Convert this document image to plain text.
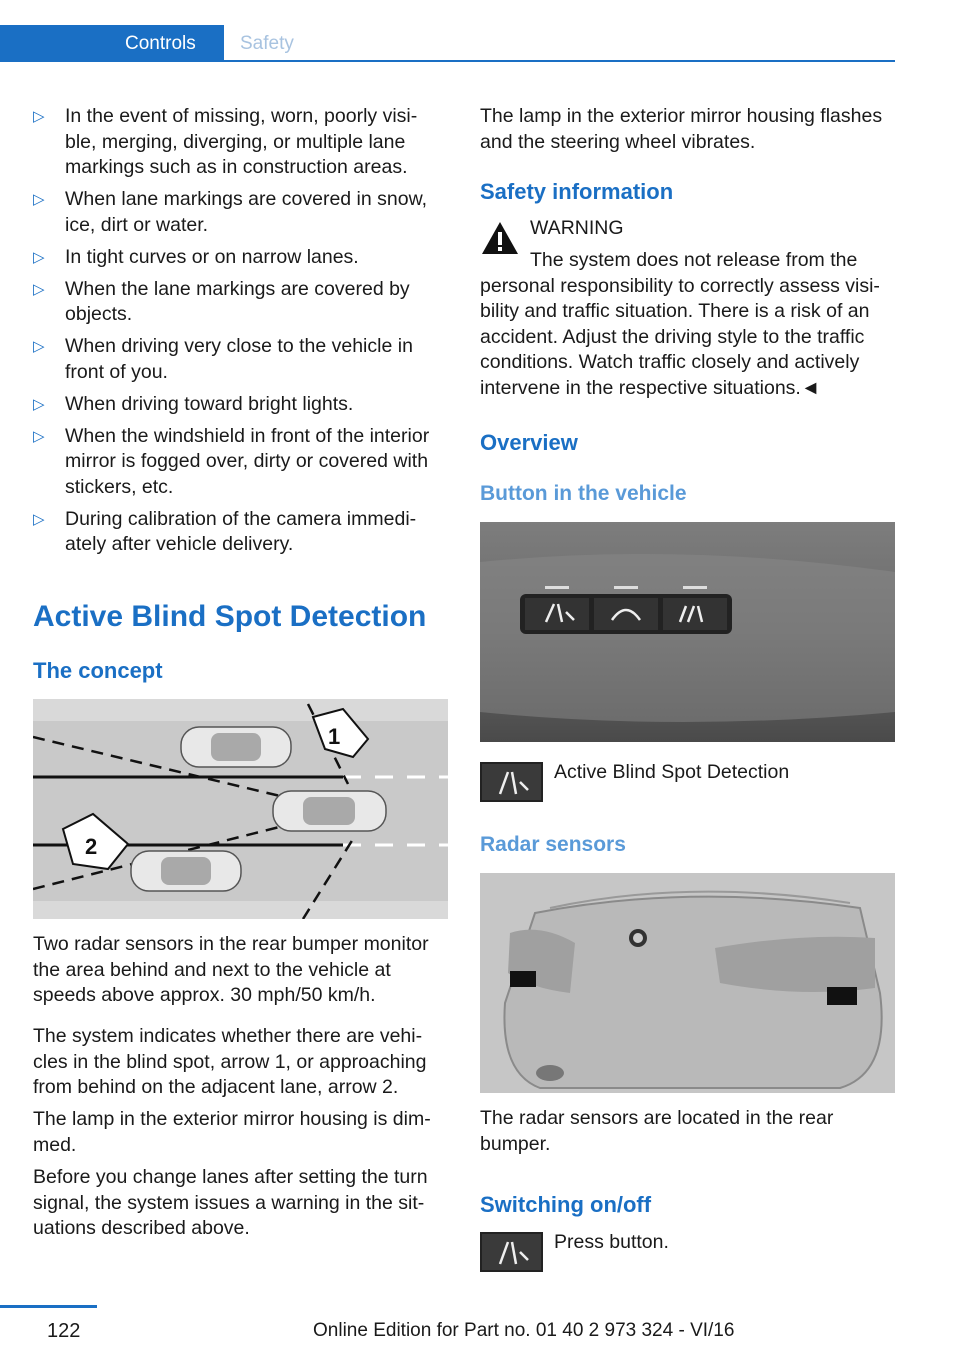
Controls	Safety
▷ In the event of missing, worn, poorly visi-ble, merging, diverging, or multiple lane markings such as in construction areas.
▷ When lane markings are covered in snow, ice, dirt or water.
▷ In tight curves or on narrow lanes.
▷ When the lane markings are covered by objects.
▷ When driving very close to the vehicle in front of you.
▷ When driving toward bright lights.
▷ When the windshield in front of the interior mirror is fogged over, dirty or covered with stickers, etc.
▷ During calibration of the camera immedi-ately after vehicle delivery.
Active Blind Spot Detection
The concept
1
2

Two radar sensors in the rear bumper monitor the area behind and next to the vehicle at speeds above approx. 30 mph/50 km/h.

The system indicates whether there are vehi-cles in the blind spot, arrow 1, or approaching from behind on the adjacent lane, arrow 2.

The lamp in the exterior mirror housing is dim-med.

Before you change lanes after setting the turn signal, the system issues a warning in the sit-uations described above.

The lamp in the exterior mirror housing flashes and the steering wheel vibrates.

Safety information

WARNING

The system does not release from the personal responsibility to correctly assess visi-bility and traffic situation. There is a risk of an accident. Adjust the driving style to the traffic conditions. Watch traffic closely and actively intervene in the respective situations.◄

Overview
Button in the vehicle

Active Blind Spot Detection

Radar sensors

The radar sensors are located in the rear bumper.

Switching on/off

Press button.

122	Online Edition for Part no. 01 40 2 973 324 - VI/16
